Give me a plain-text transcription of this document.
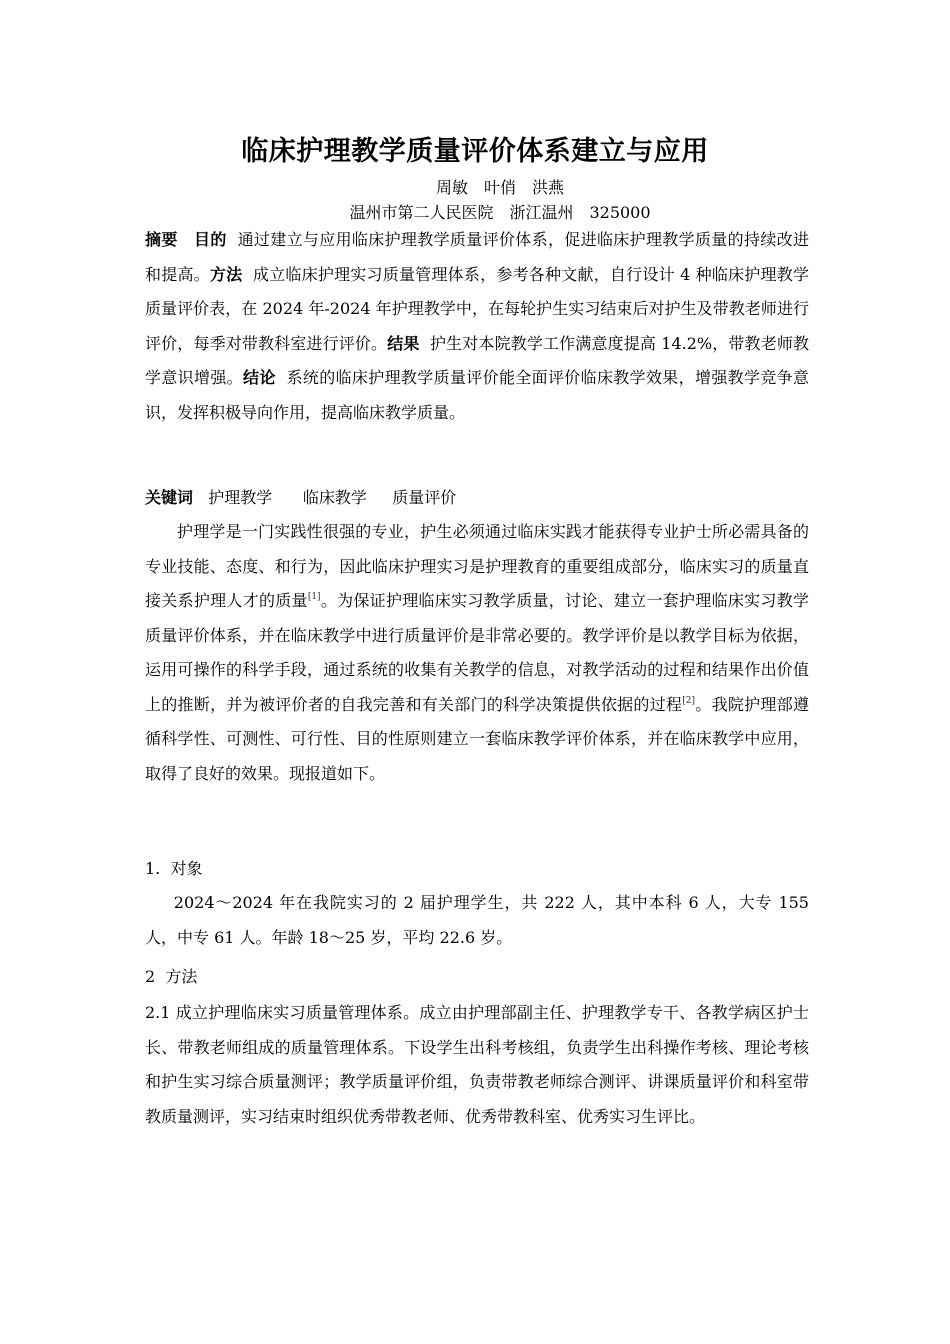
临床护理教学质量评价体系建立与应用
周敏　叶俏　洪燕
温州市第二人民医院　浙江温州　325000
摘要 目的 通过建立与应用临床护理教学质量评价体系，促进临床护理教学质量的持续改进和提高。方法 成立临床护理实习质量管理体系，参考各种文献，自行设计 4 种临床护理教学质量评价表，在 2024 年-2024 年护理教学中，在每轮护生实习结束后对护生及带教老师进行评价，每季对带教科室进行评价。结果 护生对本院教学工作满意度提高 14.2%，带教老师教学意识增强。结论 系统的临床护理教学质量评价能全面评价临床教学效果，增强教学竞争意识，发挥积极导向作用，提高临床教学质量。
关键词 护理教学 临床教学 质量评价
护理学是一门实践性很强的专业，护生必须通过临床实践才能获得专业护士所必需具备的专业技能、态度、和行为，因此临床护理实习是护理教育的重要组成部分，临床实习的质量直接关系护理人才的质量[1]。为保证护理临床实习教学质量，讨论、建立一套护理临床实习教学质量评价体系，并在临床教学中进行质量评价是非常必要的。教学评价是以教学目标为依据，运用可操作的科学手段，通过系统的收集有关教学的信息，对教学活动的过程和结果作出价值上的推断，并为被评价者的自我完善和有关部门的科学决策提供依据的过程[2]。我院护理部遵循科学性、可测性、可行性、目的性原则建立一套临床教学评价体系，并在临床教学中应用，取得了良好的效果。现报道如下。
1.  对象
2024～2024 年在我院实习的 2 届护理学生，共 222 人，其中本科 6 人，大专 155 人，中专 61 人。年龄 18～25 岁，平均 22.6 岁。
2  方法
2.1 成立护理临床实习质量管理体系。成立由护理部副主任、护理教学专干、各教学病区护士长、带教老师组成的质量管理体系。下设学生出科考核组，负责学生出科操作考核、理论考核和护生实习综合质量测评；教学质量评价组，负责带教老师综合测评、讲课质量评价和科室带教质量测评，实习结束时组织优秀带教老师、优秀带教科室、优秀实习生评比。
